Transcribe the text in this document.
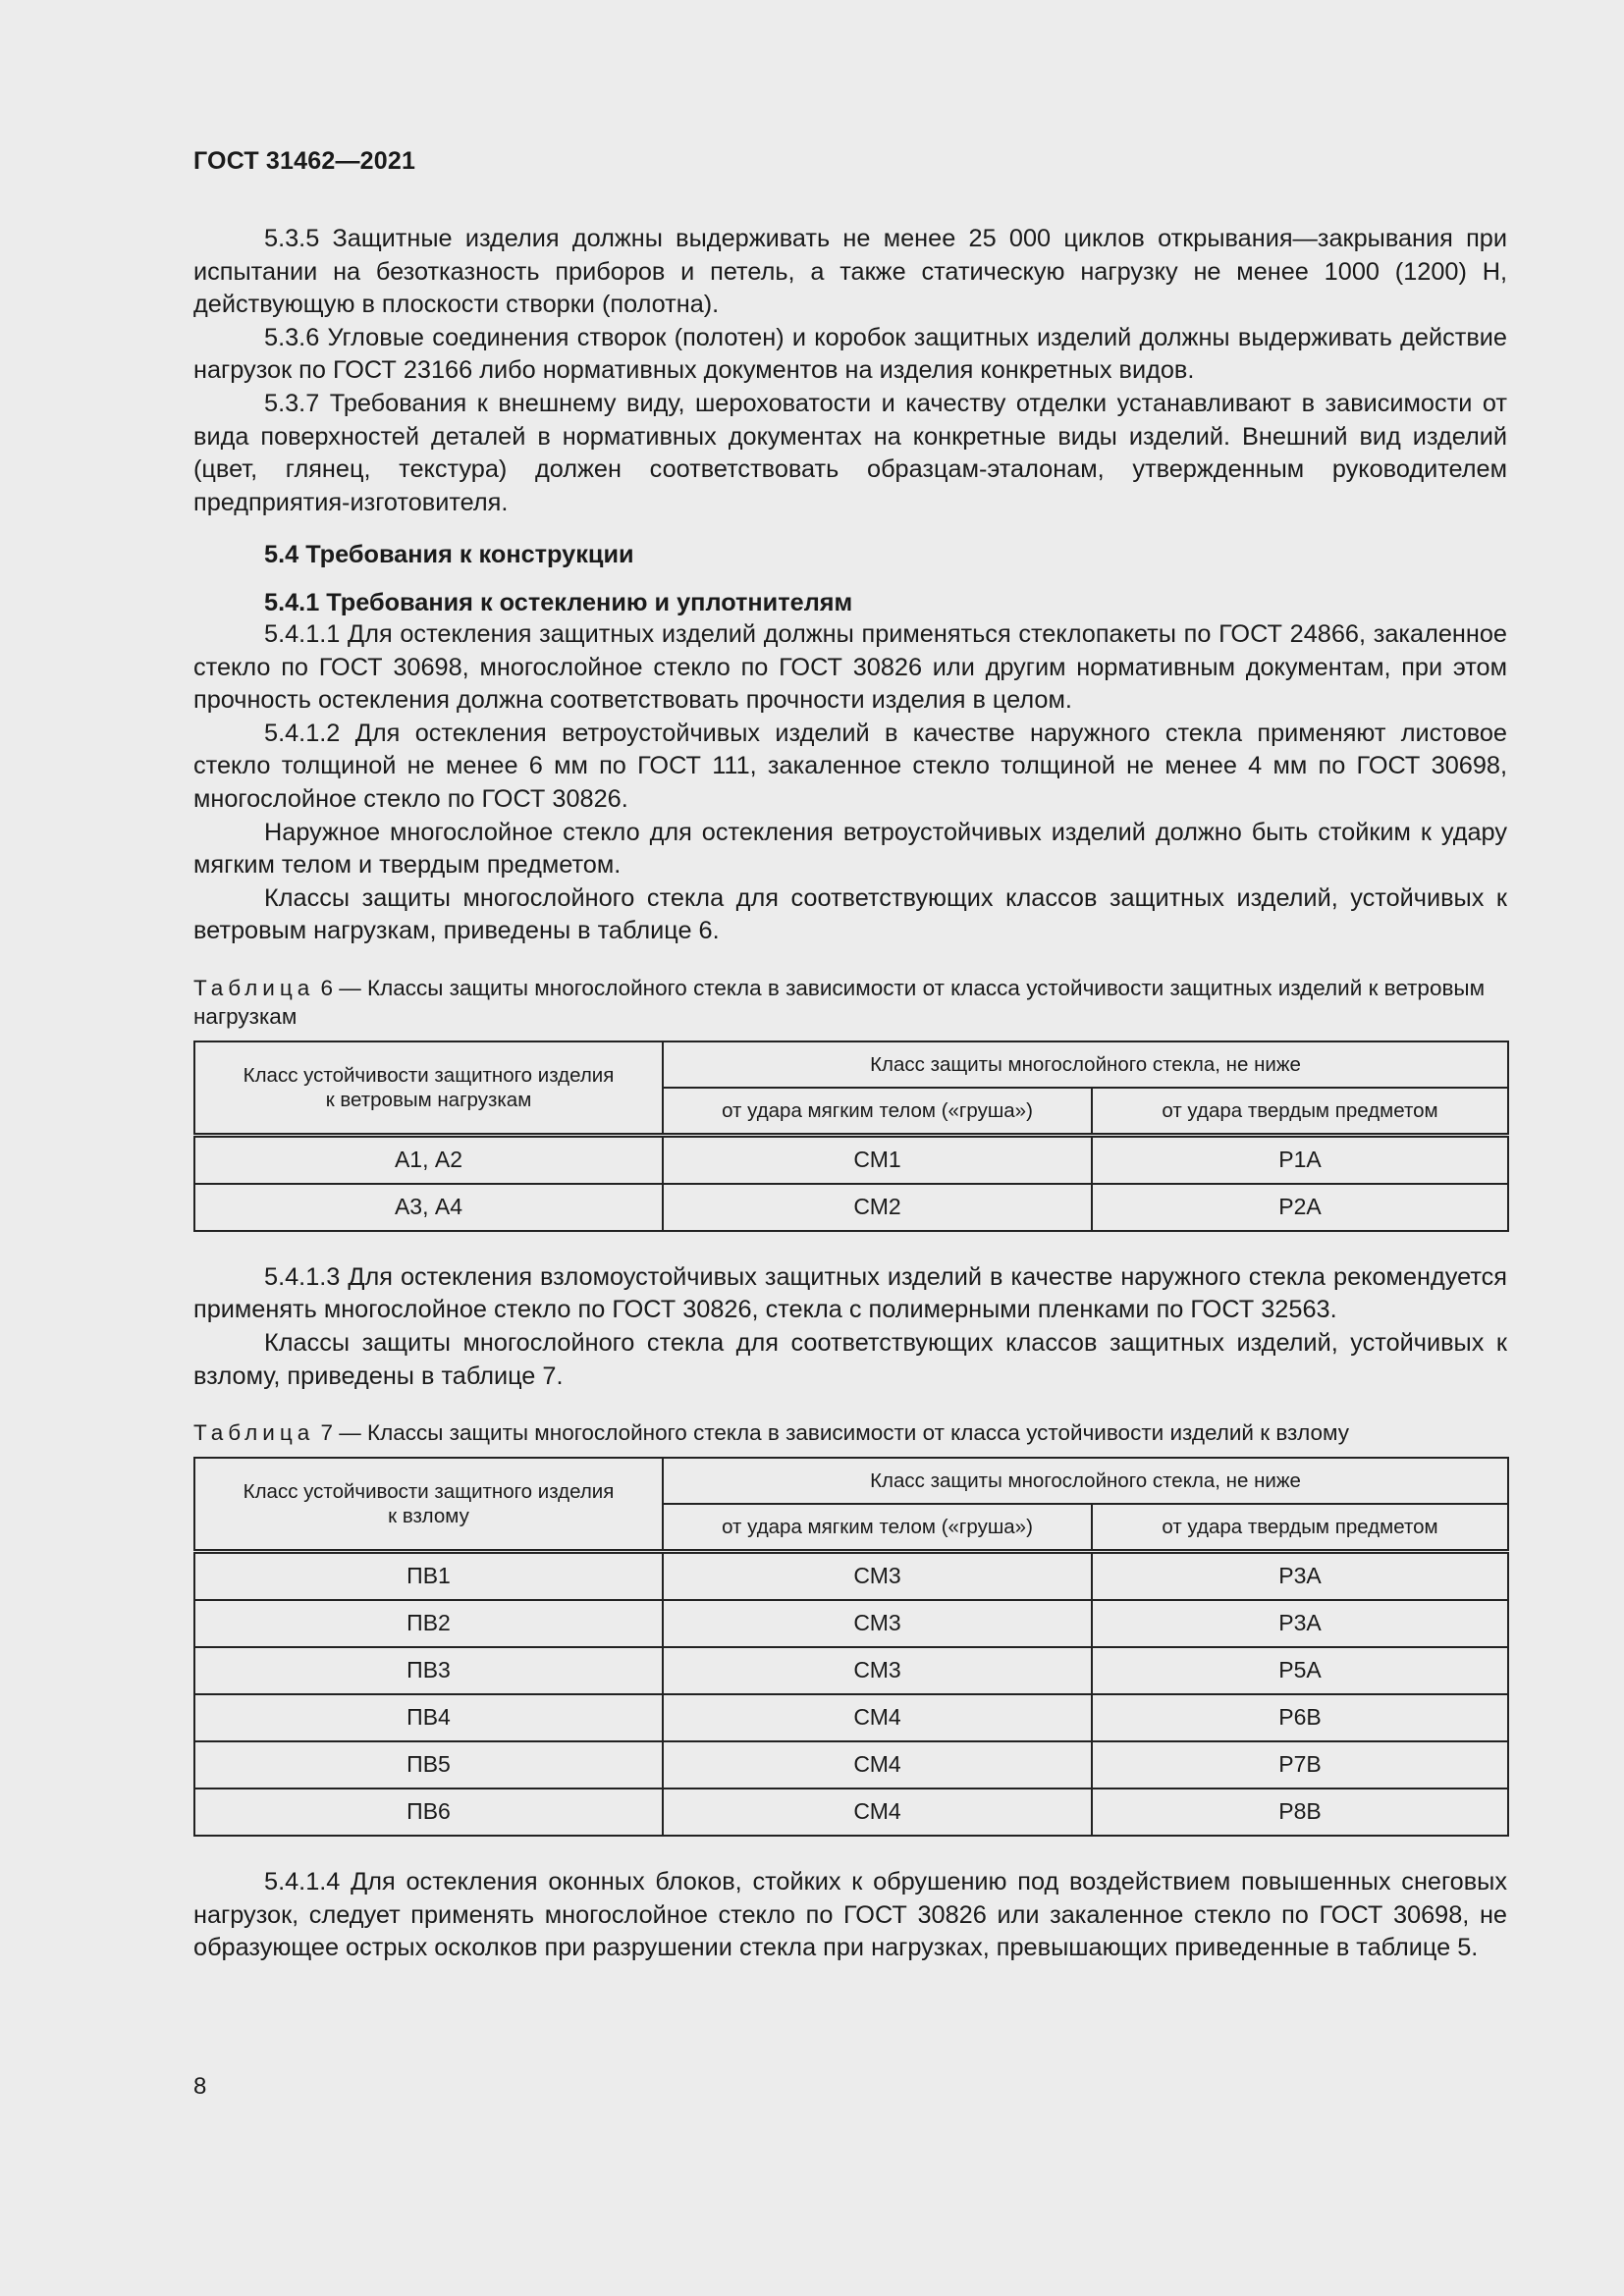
ГОСТ 31462—2021

5.3.5 Защитные изделия должны выдерживать не менее 25 000 циклов открывания—закрывания при испытании на безотказность приборов и петель, а также статическую нагрузку не менее 1000 (1200) Н, действующую в плоскости створки (полотна).

5.3.6 Угловые соединения створок (полотен) и коробок защитных изделий должны выдерживать действие нагрузок по ГОСТ 23166 либо нормативных документов на изделия конкретных видов.

5.3.7 Требования к внешнему виду, шероховатости и качеству отделки устанавливают в зависимости от вида поверхностей деталей в нормативных документах на конкретные виды изделий. Внешний вид изделий (цвет, глянец, текстура) должен соответствовать образцам-эталонам, утвержденным руководителем предприятия-изготовителя.

5.4 Требования к конструкции

5.4.1 Требования к остеклению и уплотнителям

5.4.1.1 Для остекления защитных изделий должны применяться стеклопакеты по ГОСТ 24866, закаленное стекло по ГОСТ 30698, многослойное стекло по ГОСТ 30826 или другим нормативным документам, при этом прочность остекления должна соответствовать прочности изделия в целом.

5.4.1.2 Для остекления ветроустойчивых изделий в качестве наружного стекла применяют листовое стекло толщиной не менее 6 мм по ГОСТ 111, закаленное стекло толщиной не менее 4 мм по ГОСТ 30698, многослойное стекло по ГОСТ 30826.

Наружное многослойное стекло для остекления ветроустойчивых изделий должно быть стойким к удару мягким телом и твердым предметом.

Классы защиты многослойного стекла для соответствующих классов защитных изделий, устойчивых к ветровым нагрузкам, приведены в таблице 6.

Таблица 6 — Классы защиты многослойного стекла в зависимости от класса устойчивости защитных изделий к ветровым нагрузкам

Класс устойчивости защитного изделия
к ветровым нагрузкам	Класс защиты многослойного стекла, не ниже	
	от удара мягким телом («груша»)	от удара твердым предметом
А1, А2	СМ1	Р1А
А3, А4	СМ2	Р2А

5.4.1.3 Для остекления взломоустойчивых защитных изделий в качестве наружного стекла рекомендуется применять многослойное стекло по ГОСТ 30826, стекла с полимерными пленками по ГОСТ 32563.

Классы защиты многослойного стекла для соответствующих классов защитных изделий, устойчивых к взлому, приведены в таблице 7.

Таблица 7 — Классы защиты многослойного стекла в зависимости от класса устойчивости изделий к взлому

Класс устойчивости защитного изделия
к взлому	Класс защиты многослойного стекла, не ниже	
	от удара мягким телом («груша»)	от удара твердым предметом
ПВ1	СМ3	Р3А
ПВ2	СМ3	Р3А
ПВ3	СМ3	Р5А
ПВ4	СМ4	Р6В
ПВ5	СМ4	Р7В
ПВ6	СМ4	Р8В

5.4.1.4 Для остекления оконных блоков, стойких к обрушению под воздействием повышенных снеговых нагрузок, следует применять многослойное стекло по ГОСТ 30826 или закаленное стекло по ГОСТ 30698, не образующее острых осколков при разрушении стекла при нагрузках, превышающих приведенные в таблице 5.

8
